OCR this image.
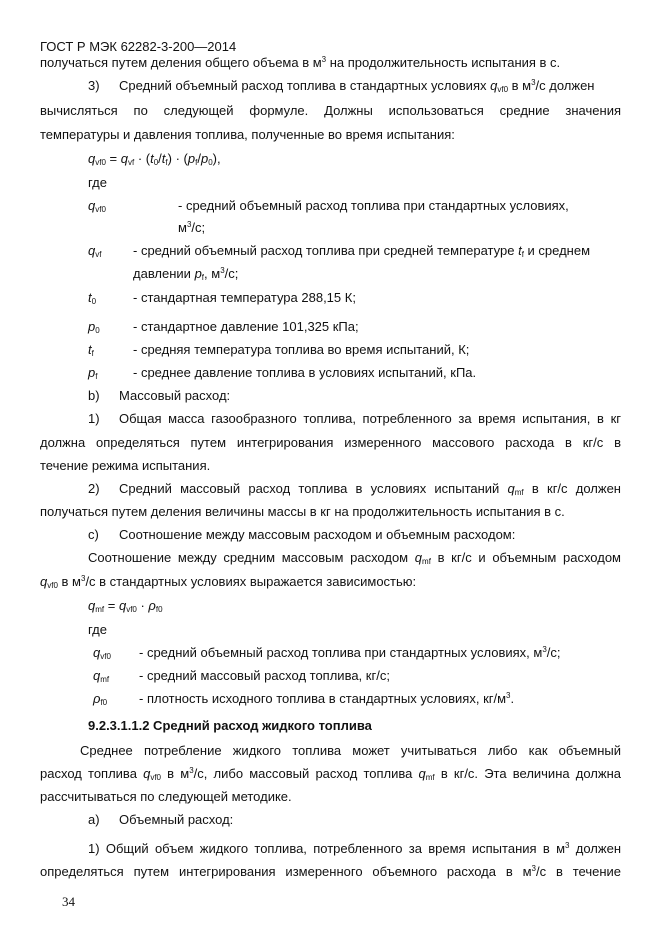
ГОСТ Р МЭК 62282-3-200—2014
получаться путем деления общего объема в $м^3$ на продолжительность испытания в с.
3) Средний объемный расход топлива в стандартных условиях $q_{vf0}$ в $м^3/с$ должен
вычисляться по следующей формуле. Должны использоваться средние значения
температуры и давления топлива, полученные во время испытания:
$q_{vf0} = q_{vf} \cdot (t_0/t_f) \cdot (p_f/p_0)$,
где
$q_{vf0}$	- средний объемный расход топлива при стандартных условиях,
$м^3/с$;
$q_{vf}$ - средний объемный расход топлива при средней температуре $t_f$ и среднем
давлении $p_f$, $м^3/с$;
$t_0$	- стандартная температура 288,15 К;
$p_0$	- стандартное давление 101,325 кПа;
$t_f$	- средняя температура топлива во время испытаний, К;
$p_f$	- среднее давление топлива в условиях испытаний, кПа.
b) Массовый расход:
1) Общая масса газообразного топлива, потребленного за время испытания, в кг
должна определяться путем интегрирования измеренного массового расхода в кг/с в
течение режима испытания.
2) Средний массовый расход топлива в условиях испытаний $q_{mf}$ в кг/с должен
получаться путем деления величины массы в кг на продолжительность испытания в с.
с) Соотношение между массовым расходом и объемным расходом:
Соотношение между средним массовым расходом $q_{mf}$ в кг/с и объемным расходом
$q_{vf0}$ в $м^3/с$ в стандартных условиях выражается зависимостью:
$q_{mf} = q_{vf0} \cdot \rho_{f0}$
где
$q_{vf0}$ - средний объемный расход топлива при стандартных условиях, $м^3/с$;
$q_{mf}$ - средний массовый расход топлива, кг/с;
$\rho_{f0}$ - плотность исходного топлива в стандартных условиях, $кг/м^3$.
9.2.3.1.1.2 Средний расход жидкого топлива
Среднее потребление жидкого топлива может учитываться либо как объемный
расход топлива $q_{vf0}$ в $м^3/с$, либо массовый расход топлива $q_{mf}$ в кг/с. Эта величина должна
рассчитываться по следующей методике.
а) Объемный расход:
1) Общий объем жидкого топлива, потребленного за время испытания в $м^3$ должен
определяться путем интегрирования измеренного объемного расхода в $м^3/с$ в течение
34
